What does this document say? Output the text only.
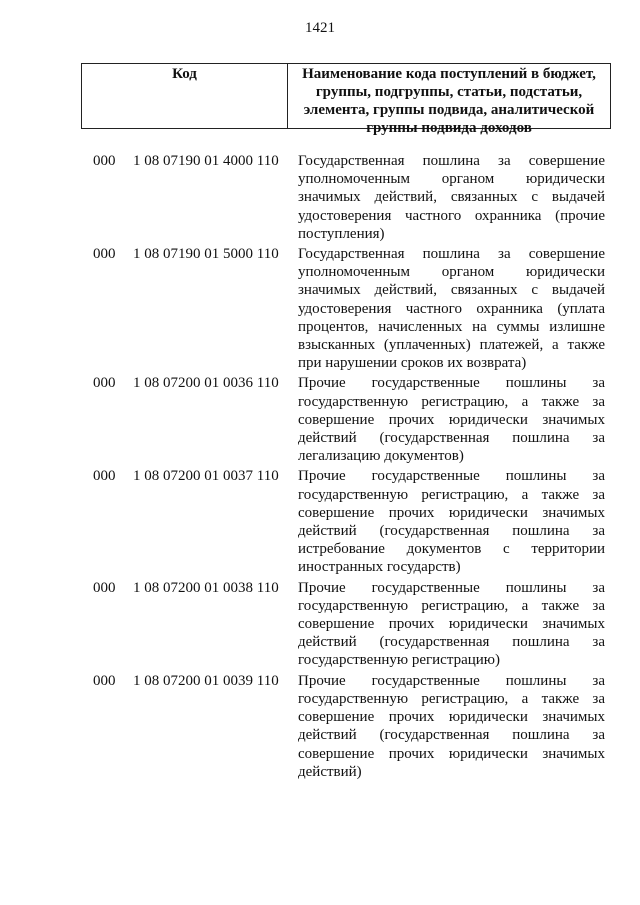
1421
Код	Наименование кода поступлений в бюджет,
группы, подгруппы, статьи, подстатьи,
элемента, группы подвида, аналитической
группы подвида доходов
000	1 08 07190 01 4000 110	Государственная пошлина за совершение
уполномоченным органом юридически
значимых действий, связанных с выдачей
удостоверения частного охранника (прочие
поступления)
000	1 08 07190 01 5000 110	Государственная пошлина за совершение
уполномоченным органом юридически
значимых действий, связанных с выдачей
удостоверения частного охранника (уплата
процентов, начисленных на суммы излишне
взысканных (уплаченных) платежей, а также
при нарушении сроков их возврата)
000	1 08 07200 01 0036 110	Прочие государственные пошлины за
государственную регистрацию, а также за
совершение прочих юридически значимых
действий (государственная пошлина за
легализацию документов)
000	1 08 07200 01 0037 110	Прочие государственные пошлины за
государственную регистрацию, а также за
совершение прочих юридически значимых
действий (государственная пошлина за
истребование документов с территории
иностранных государств)
000	1 08 07200 01 0038 110	Прочие государственные пошлины за
государственную регистрацию, а также за
совершение прочих юридически значимых
действий (государственная пошлина за
государственную регистрацию)
000	1 08 07200 01 0039 110	Прочие государственные пошлины за
государственную регистрацию, а также за
совершение прочих юридически значимых
действий (государственная пошлина за
совершение прочих юридически значимых
действий)
